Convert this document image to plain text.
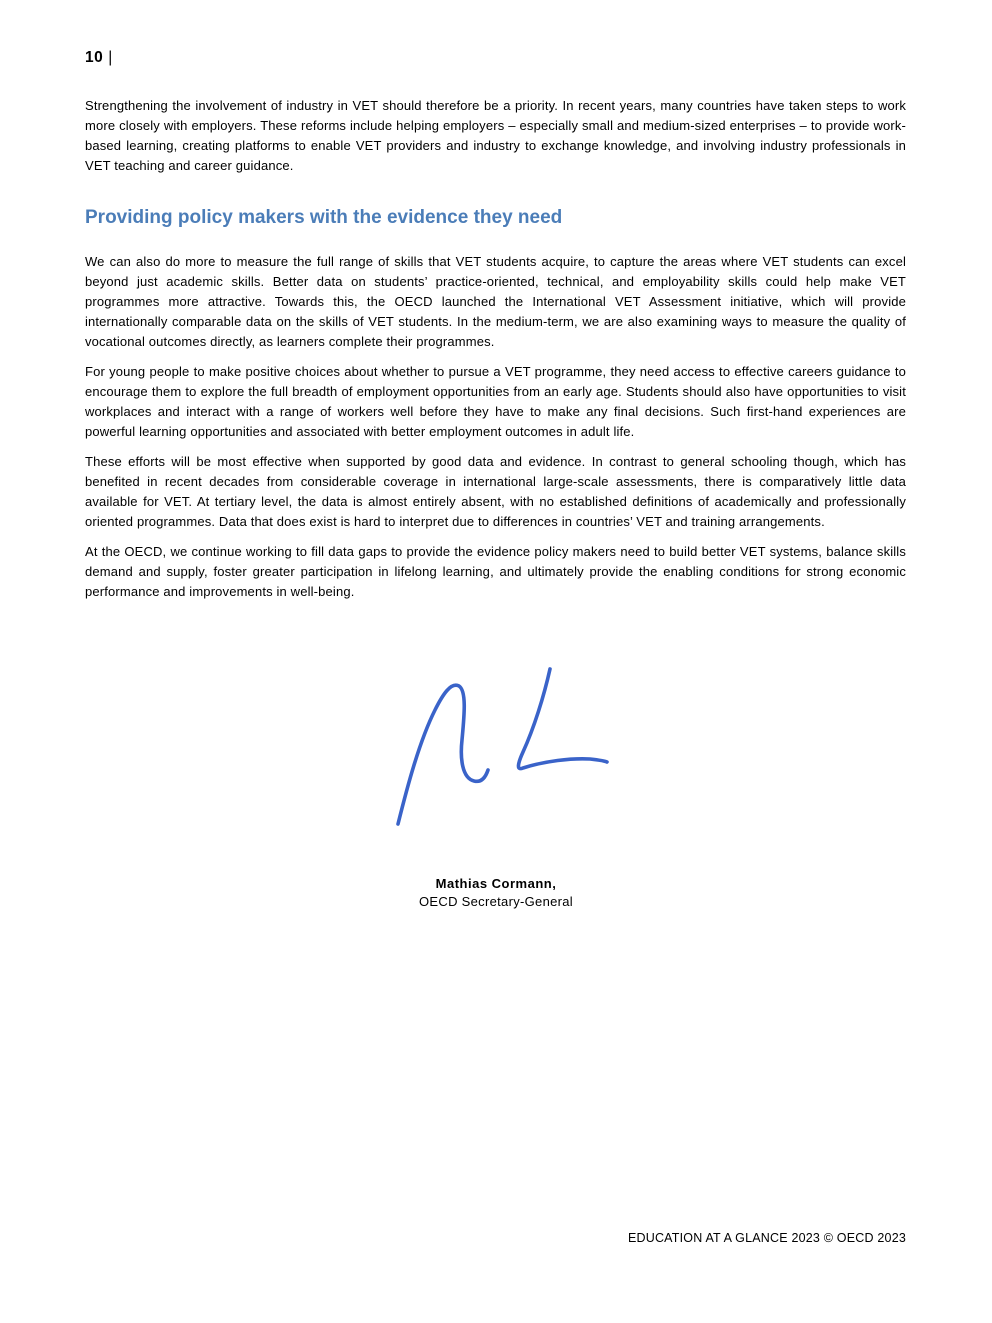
10 |

Strengthening the involvement of industry in VET should therefore be a priority. In recent years, many countries have taken steps to work more closely with employers. These reforms include helping employers – especially small and medium-sized enterprises – to provide work-based learning, creating platforms to enable VET providers and industry to exchange knowledge, and involving industry professionals in VET teaching and career guidance.

Providing policy makers with the evidence they need

We can also do more to measure the full range of skills that VET students acquire, to capture the areas where VET students can excel beyond just academic skills. Better data on students’ practice-oriented, technical, and employability skills could help make VET programmes more attractive. Towards this, the OECD launched the International VET Assessment initiative, which will provide internationally comparable data on the skills of VET students. In the medium-term, we are also examining ways to measure the quality of vocational outcomes directly, as learners complete their programmes.

For young people to make positive choices about whether to pursue a VET programme, they need access to effective careers guidance to encourage them to explore the full breadth of employment opportunities from an early age. Students should also have opportunities to visit workplaces and interact with a range of workers well before they have to make any final decisions. Such first-hand experiences are powerful learning opportunities and associated with better employment outcomes in adult life.

These efforts will be most effective when supported by good data and evidence. In contrast to general schooling though, which has benefited in recent decades from considerable coverage in international large-scale assessments, there is comparatively little data available for VET. At tertiary level, the data is almost entirely absent, with no established definitions of academically and professionally oriented programmes. Data that does exist is hard to interpret due to differences in countries’ VET and training arrangements.

At the OECD, we continue working to fill data gaps to provide the evidence policy makers need to build better VET systems, balance skills demand and supply, foster greater participation in lifelong learning, and ultimately provide the enabling conditions for strong economic performance and improvements in well-being.

Mathias Cormann,
OECD Secretary-General
EDUCATION AT A GLANCE 2023 © OECD 2023
